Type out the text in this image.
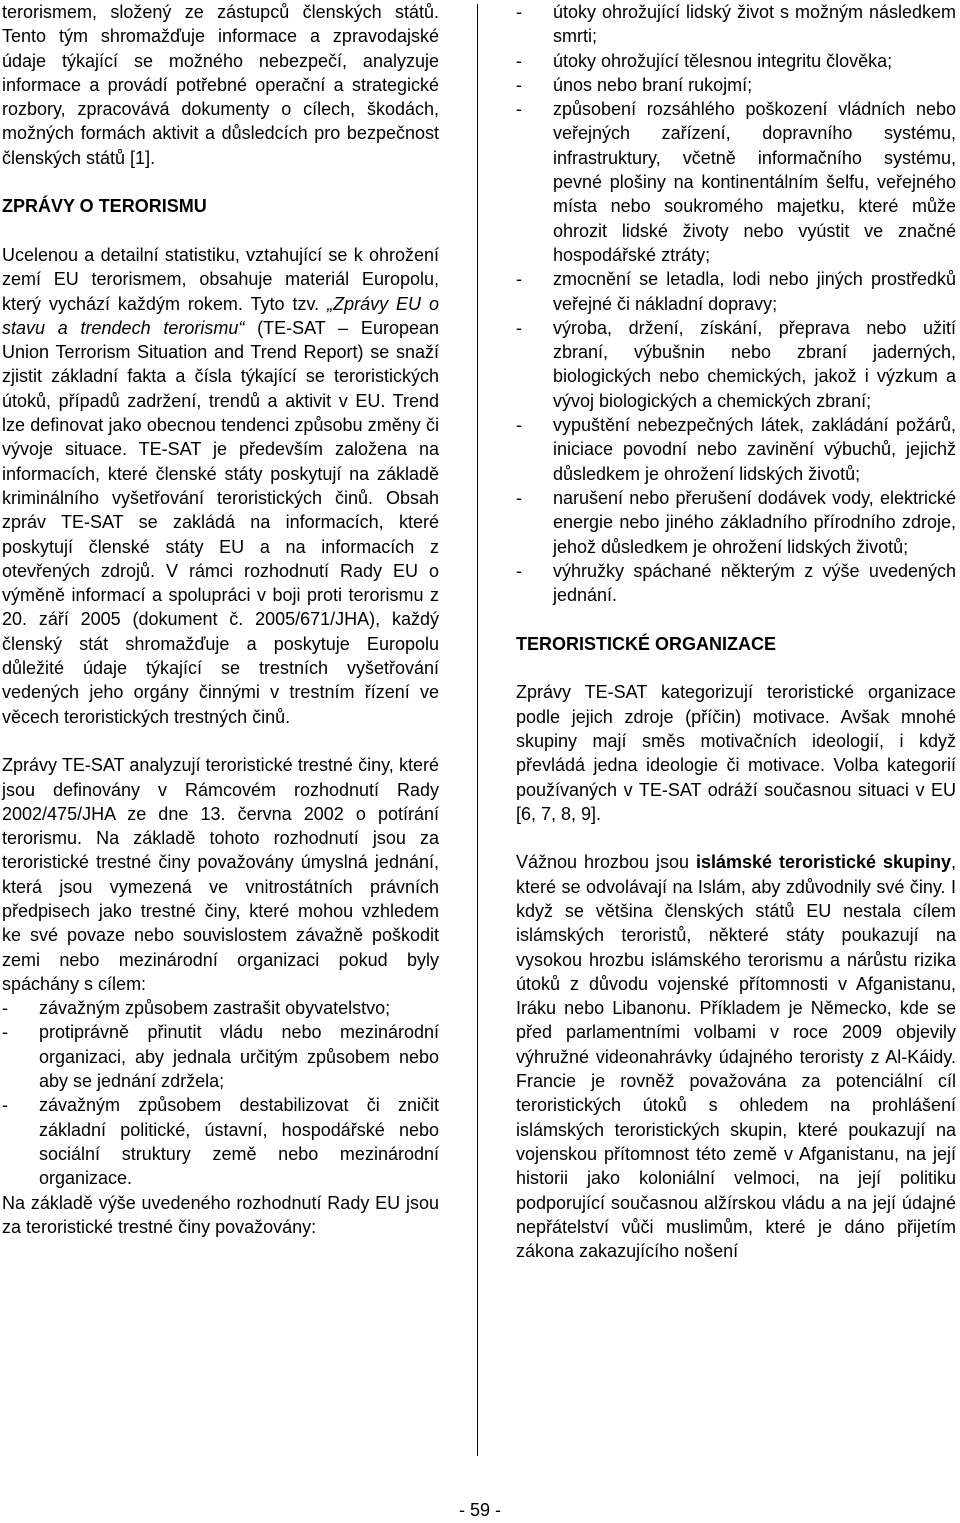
terorismem, složený ze zástupců členských států. Tento tým shromažďuje informace a zpravodajské údaje týkající se možného nebezpečí, analyzuje informace a provádí potřebné operační a strategické rozbory, zpracovává dokumenty o cílech, škodách, možných formách aktivit a důsledcích pro bezpečnost členských států [1].

ZPRÁVY O TERORISMU

Ucelenou a detailní statistiku, vztahující se k ohrožení zemí EU terorismem, obsahuje materiál Europolu, který vychází každým rokem. Tyto tzv. „Zprávy EU o stavu a trendech terorismu“ (TE-SAT – European Union Terrorism Situation and Trend Report) se snaží zjistit základní fakta a čísla týkající se teroristických útoků, případů zadržení, trendů a aktivit v EU. Trend lze definovat jako obecnou tendenci způsobu změny či vývoje situace. TE-SAT je především založena na informacích, které členské státy poskytují na základě kriminálního vyšetřování teroristických činů. Obsah zpráv TE-SAT se zakládá na informacích, které poskytují členské státy EU a na informacích z otevřených zdrojů. V rámci rozhodnutí Rady EU o výměně informací a spolupráci v boji proti terorismu z 20. září 2005 (dokument č. 2005/671/JHA), každý členský stát shromažďuje a poskytuje Europolu důležité údaje týkající se trestních vyšetřování vedených jeho orgány činnými v trestním řízení ve věcech teroristických trestných činů.

Zprávy TE-SAT analyzují teroristické trestné činy, které jsou definovány v Rámcovém rozhodnutí Rady 2002/475/JHA ze dne 13. června 2002 o potírání terorismu. Na základě tohoto rozhodnutí jsou za teroristické trestné činy považovány úmyslná jednání, která jsou vymezená ve vnitrostátních právních předpisech jako trestné činy, které mohou vzhledem ke své povaze nebo souvislostem závažně poškodit zemi nebo mezinárodní organizaci pokud byly spáchány s cílem:

- závažným způsobem zastrašit obyvatelstvo;
- protiprávně přinutit vládu nebo mezinárodní organizaci, aby jednala určitým způsobem nebo aby se jednání zdržela;
- závažným způsobem destabilizovat či zničit základní politické, ústavní, hospodářské nebo sociální struktury země nebo mezinárodní organizace.

Na základě výše uvedeného rozhodnutí Rady EU jsou za teroristické trestné činy považovány:

- útoky ohrožující lidský život s možným následkem smrti;
- útoky ohrožující tělesnou integritu člověka;
- únos nebo braní rukojmí;
- způsobení rozsáhlého poškození vládních nebo veřejných zařízení, dopravního systému, infrastruktury, včetně informačního systému, pevné plošiny na kontinentálním šelfu, veřejného místa nebo soukromého majetku, které může ohrozit lidské životy nebo vyústit ve značné hospodářské ztráty;
- zmocnění se letadla, lodi nebo jiných prostředků veřejné či nákladní dopravy;
- výroba, držení, získání, přeprava nebo užití zbraní, výbušnin nebo zbraní jaderných, biologických nebo chemických, jakož i výzkum a vývoj biologických a chemických zbraní;
- vypuštění nebezpečných látek, zakládání požárů, iniciace povodní nebo zavinění výbuchů, jejichž důsledkem je ohrožení lidských životů;
- narušení nebo přerušení dodávek vody, elektrické energie nebo jiného základního přírodního zdroje, jehož důsledkem je ohrožení lidských životů;
- výhružky spáchané některým z výše uvedených jednání.

TERORISTICKÉ ORGANIZACE

Zprávy TE-SAT kategorizují teroristické organizace podle jejich zdroje (příčin) motivace. Avšak mnohé skupiny mají směs motivačních ideologií, i když převládá jedna ideologie či motivace. Volba kategorií používaných v TE-SAT odráží současnou situaci v EU [6, 7, 8, 9].

Vážnou hrozbou jsou islámské teroristické skupiny, které se odvolávají na Islám, aby zdůvodnily své činy. I když se většina členských států EU nestala cílem islámských teroristů, některé státy poukazují na vysokou hrozbu islámského terorismu a nárůstu rizika útoků z důvodu vojenské přítomnosti v Afganistanu, Iráku nebo Libanonu. Příkladem je Německo, kde se před parlamentními volbami v roce 2009 objevily výhružné videonahrávky údajného teroristy z Al-Káidy. Francie je rovněž považována za potenciální cíl teroristických útoků s ohledem na prohlášení islámských teroristických skupin, které poukazují na vojenskou přítomnost této země v Afganistanu, na její historii jako koloniální velmoci, na její politiku podporující současnou alžírskou vládu a na její údajné nepřátelství vůči muslimům, které je dáno přijetím zákona zakazujícího nošení

- 59 -
